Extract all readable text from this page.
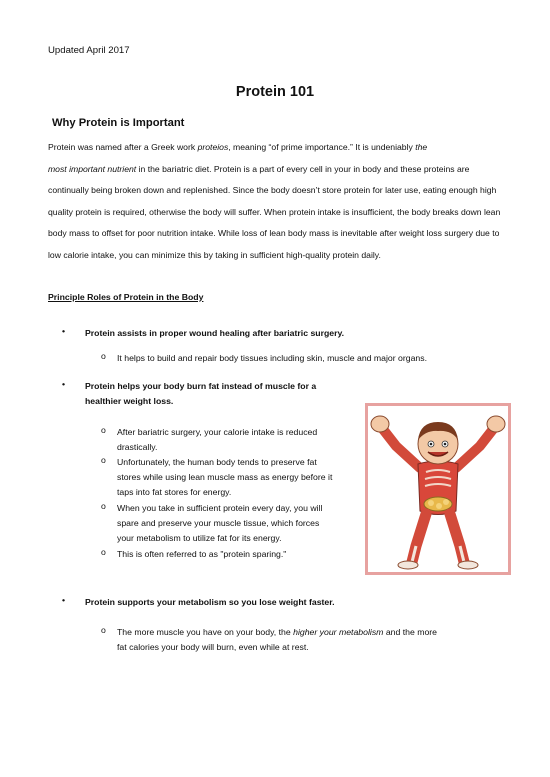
Updated April 2017
Protein 101
Why Protein is Important

Protein was named after a Greek work proteios, meaning “of prime importance.” It is undeniably the
most important nutrient in the bariatric diet. Protein is a part of every cell in your in body and these proteins are continually being broken down and replenished. Since the body doesn’t store protein for later use, eating enough high quality protein is required, otherwise the body will suffer. When protein intake is insufficient, the body breaks down lean body mass to offset for poor nutrition intake. While loss of lean body mass is inevitable after weight loss surgery due to low calorie intake, you can minimize this by taking in sufficient high-quality protein daily.

Principle Roles of Protein in the Body
• Protein assists in proper wound healing after bariatric surgery.
o It helps to build and repair body tissues including skin, muscle and major organs.
• Protein helps your body burn fat instead of muscle for a
healthier weight loss.
o After bariatric surgery, your calorie intake is reduced
drastically.
o Unfortunately, the human body tends to preserve fat
stores while using lean muscle mass as energy before it
taps into fat stores for energy.
o When you take in sufficient protein every day, you will
spare and preserve your muscle tissue, which forces
your metabolism to utilize fat for its energy.
o This is often referred to as "protein sparing."
• Protein supports your metabolism so you lose weight faster.
o The more muscle you have on your body, the higher your metabolism and the more
fat calories your body will burn, even while at rest.
